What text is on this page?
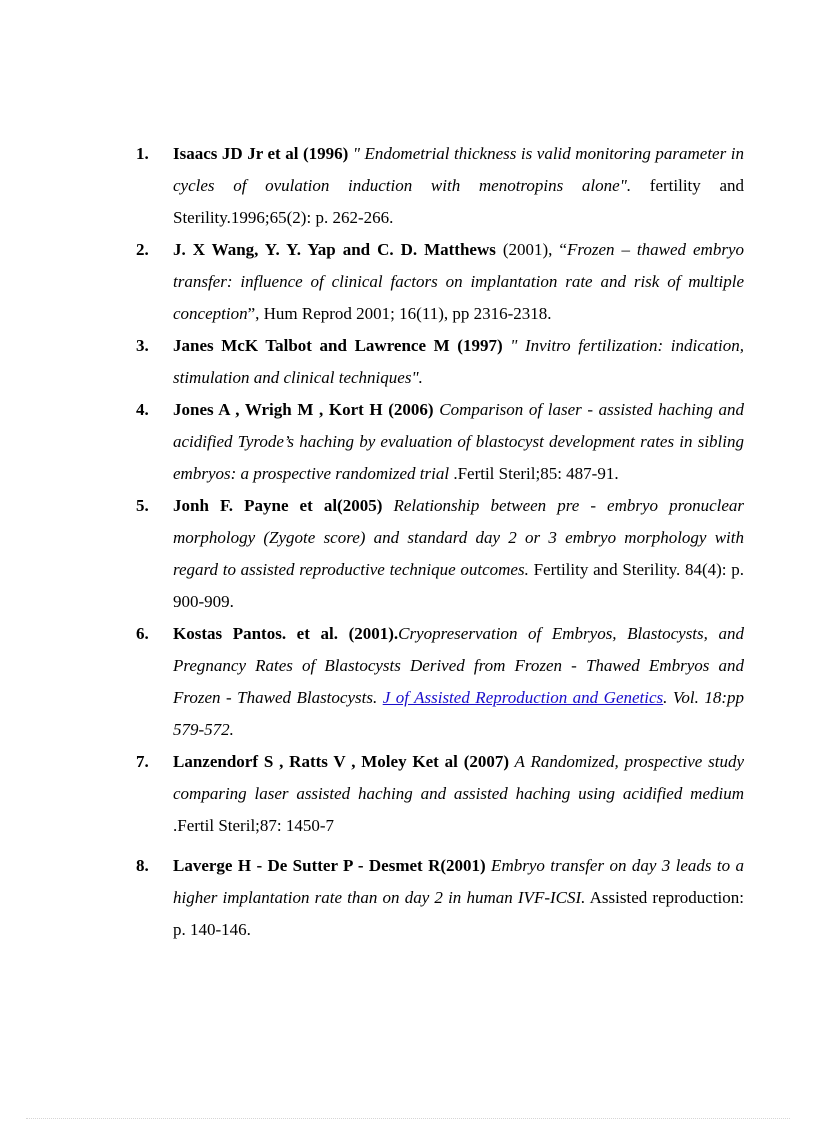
1. Isaacs JD Jr et al (1996) " Endometrial thickness is valid monitoring parameter in cycles of ovulation induction with menotropins alone". fertility and Sterility.1996;65(2): p. 262-266.
2. J. X Wang, Y. Y. Yap and C. D. Matthews (2001), “Frozen – thawed embryo transfer: influence of clinical factors on implantation rate and risk of multiple conception”, Hum Reprod 2001; 16(11), pp 2316-2318.
3. Janes McK Talbot and Lawrence M (1997) " Invitro fertilization: indication, stimulation and clinical techniques".
4. Jones A , Wrigh M , Kort H (2006) Comparison of laser - assisted haching and acidified Tyrode’s haching by evaluation of blastocyst development rates in sibling embryos: a prospective randomized trial .Fertil Steril;85: 487-91.
5. Jonh F. Payne et al(2005) Relationship between pre - embryo pronuclear morphology (Zygote score) and standard day 2 or 3 embryo morphology with regard to assisted reproductive technique outcomes. Fertility and Sterility. 84(4): p. 900-909.
6. Kostas Pantos. et al. (2001).Cryopreservation of Embryos, Blastocysts, and Pregnancy Rates of Blastocysts Derived from Frozen - Thawed Embryos and Frozen - Thawed Blastocysts. J of Assisted Reproduction and Genetics. Vol. 18:pp 579-572.
7. Lanzendorf S , Ratts V , Moley Ket al (2007) A Randomized, prospective study comparing laser assisted haching and assisted haching using acidified medium .Fertil Steril;87: 1450-7
8. Laverge H - De Sutter P - Desmet R(2001) Embryo transfer on day 3 leads to a higher implantation rate than on day 2 in human IVF-ICSI. Assisted reproduction: p. 140-146.
